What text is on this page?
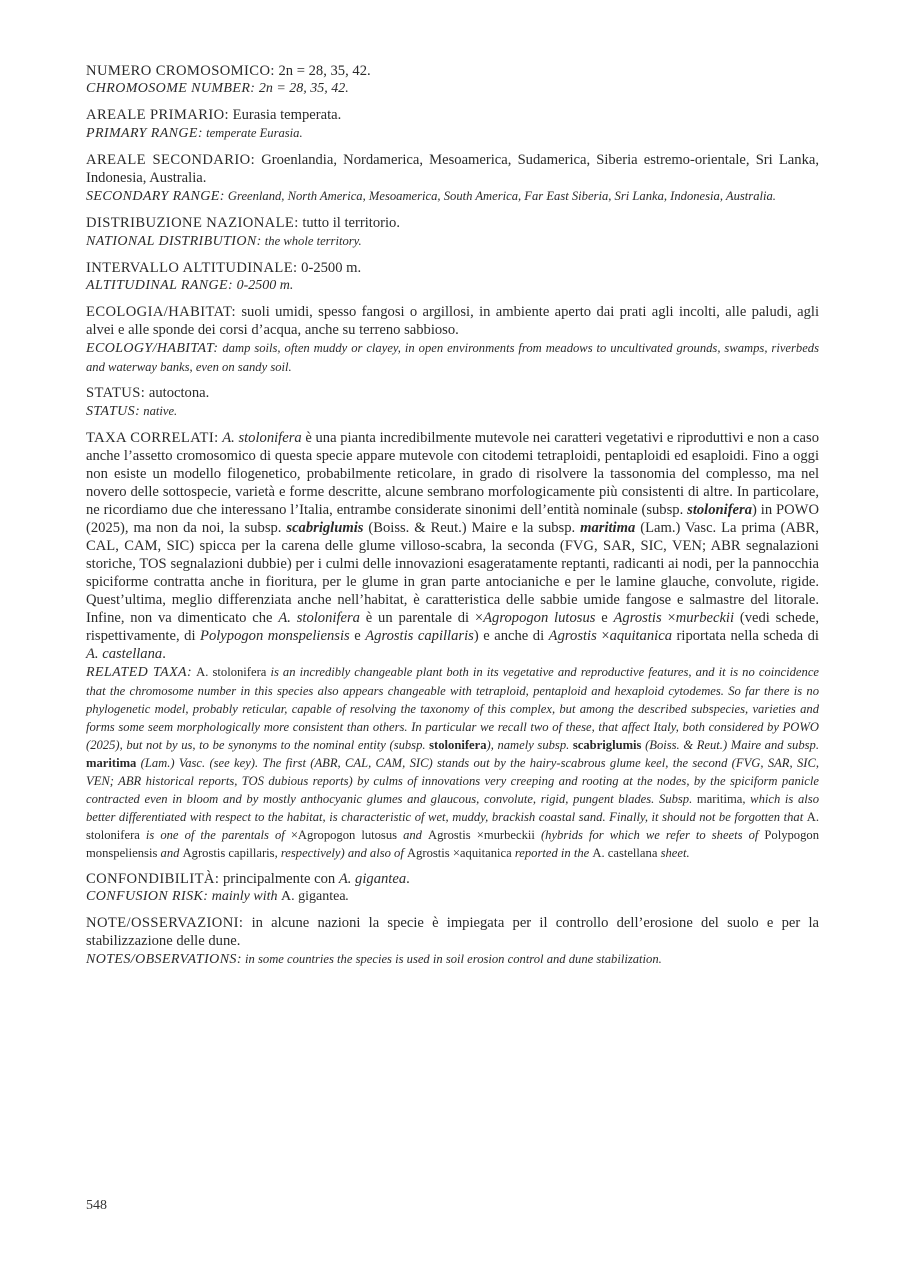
NUMERO CROMOSOMICO: 2n = 28, 35, 42.

CHROMOSOME NUMBER: 2n = 28, 35, 42.

AREALE PRIMARIO: Eurasia temperata.

PRIMARY RANGE: temperate Eurasia.

AREALE SECONDARIO: Groenlandia, Nordamerica, Mesoamerica, Sudamerica, Siberia estremo-orientale, Sri Lanka, Indonesia, Australia.

SECONDARY RANGE: Greenland, North America, Mesoamerica, South America, Far East Siberia, Sri Lanka, Indonesia, Australia.

DISTRIBUZIONE NAZIONALE: tutto il territorio.

NATIONAL DISTRIBUTION: the whole territory.

INTERVALLO ALTITUDINALE: 0-2500 m.

ALTITUDINAL RANGE: 0-2500 m.

ECOLOGIA/HABITAT: suoli umidi, spesso fangosi o argillosi, in ambiente aperto dai prati agli incolti, alle paludi, agli alvei e alle sponde dei corsi d’acqua, anche su terreno sabbioso.

ECOLOGY/HABITAT: damp soils, often muddy or clayey, in open environments from meadows to uncultivated grounds, swamps, riverbeds and waterway banks, even on sandy soil.

STATUS: autoctona.

STATUS: native.

TAXA CORRELATI: A. stolonifera è una pianta incredibilmente mutevole nei caratteri vegetativi e riproduttivi e non a caso anche l’assetto cromosomico di questa specie appare mutevole con citodemi tetraploidi, pentaploidi ed esaploidi. Fino a oggi non esiste un modello filogenetico, probabilmente reticolare, in grado di risolvere la tassonomia del complesso, ma nel novero delle sottospecie, varietà e forme descritte, alcune sembrano morfologicamente più consistenti di altre. In particolare, ne ricordiamo due che interessano l’Italia, entrambe considerate sinonimi dell’entità nominale (subsp. stolonifera) in POWO (2025), ma non da noi, la subsp. scabriglumis (Boiss. & Reut.) Maire e la subsp. maritima (Lam.) Vasc. La prima (ABR, CAL, CAM, SIC) spicca per la carena delle glume villoso-scabra, la seconda (FVG, SAR, SIC, VEN; ABR segnalazioni storiche, TOS segnalazioni dubbie) per i culmi delle innovazioni esageratamente reptanti, radicanti ai nodi, per la pannocchia spiciforme contratta anche in fioritura, per le glume in gran parte antocianiche e per le lamine glauche, convolute, rigide. Quest’ultima, meglio differenziata anche nell’habitat, è caratteristica delle sabbie umide fangose e salmastre del litorale. Infine, non va dimenticato che A. stolonifera è un parentale di ×Agropogon lutosus e Agrostis ×murbeckii (vedi schede, rispettivamente, di Polypogon monspeliensis e Agrostis capillaris) e anche di Agrostis ×aquitanica riportata nella scheda di A. castellana.

RELATED TAXA: A. stolonifera is an incredibly changeable plant both in its vegetative and reproductive features, and it is no coincidence that the chromosome number in this species also appears changeable with tetraploid, pentaploid and hexaploid cytodemes. So far there is no phylogenetic model, probably reticular, capable of resolving the taxonomy of this complex, but among the described subspecies, varieties and forms some seem morphologically more consistent than others. In particular we recall two of these, that affect Italy, both considered by POWO (2025), but not by us, to be synonyms to the nominal entity (subsp. stolonifera), namely subsp. scabriglumis (Boiss. & Reut.) Maire and subsp. maritima (Lam.) Vasc. (see key). The first (ABR, CAL, CAM, SIC) stands out by the hairy-scabrous glume keel, the second (FVG, SAR, SIC, VEN; ABR historical reports, TOS dubious reports) by culms of innovations very creeping and rooting at the nodes, by the spiciform panicle contracted even in bloom and by mostly anthocyanic glumes and glaucous, convolute, rigid, pungent blades. Subsp. maritima, which is also better differentiated with respect to the habitat, is characteristic of wet, muddy, brackish coastal sand. Finally, it should not be forgotten that A. stolonifera is one of the parentals of ×Agropogon lutosus and Agrostis ×murbeckii (hybrids for which we refer to sheets of Polypogon monspeliensis and Agrostis capillaris, respectively) and also of Agrostis ×aquitanica reported in the A. castellana sheet.

CONFONDIBILITÀ: principalmente con A. gigantea.

CONFUSION RISK: mainly with A. gigantea.

NOTE/OSSERVAZIONI: in alcune nazioni la specie è impiegata per il controllo dell’erosione del suolo e per la stabilizzazione delle dune.

NOTES/OBSERVATIONS: in some countries the species is used in soil erosion control and dune stabilization.

548
